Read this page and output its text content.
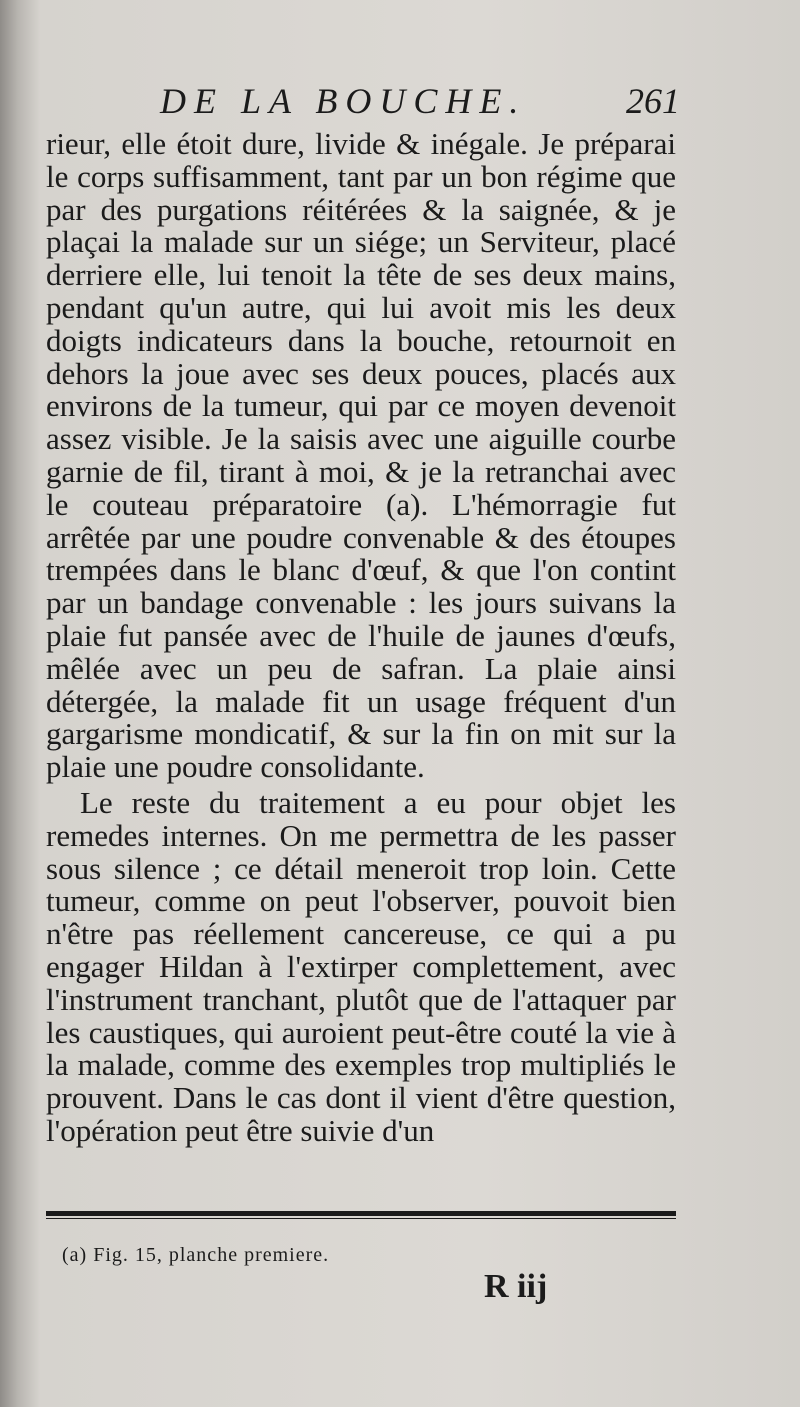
DE LA BOUCHE.	261

rieur, elle étoit dure, livide & inégale. Je préparai le corps suffisamment, tant par un bon régime que par des purgations réitérées & la saignée, & je plaçai la malade sur un siége; un Serviteur, placé derriere elle, lui tenoit la tête de ses deux mains, pendant qu'un autre, qui lui avoit mis les deux doigts indicateurs dans la bouche, retournoit en dehors la joue avec ses deux pouces, placés aux environs de la tumeur, qui par ce moyen devenoit assez visible. Je la saisis avec une aiguille courbe garnie de fil, tirant à moi, & je la retranchai avec le couteau préparatoire (a). L'hémorragie fut arrêtée par une poudre convenable & des étoupes trempées dans le blanc d'œuf, & que l'on contint par un bandage convenable : les jours suivans la plaie fut pansée avec de l'huile de jaunes d'œufs, mêlée avec un peu de safran. La plaie ainsi détergée, la malade fit un usage fréquent d'un gargarisme mondicatif, & sur la fin on mit sur la plaie une poudre consolidante.

Le reste du traitement a eu pour objet les remedes internes. On me permettra de les passer sous silence ; ce détail meneroit trop loin. Cette tumeur, comme on peut l'observer, pouvoit bien n'être pas réellement cancereuse, ce qui a pu engager Hildan à l'extirper complettement, avec l'instrument tranchant, plutôt que de l'attaquer par les caustiques, qui auroient peut-être couté la vie à la malade, comme des exemples trop multipliés le prouvent. Dans le cas dont il vient d'être question, l'opération peut être suivie d'un

(a) Fig. 15, planche premiere.
R iij
